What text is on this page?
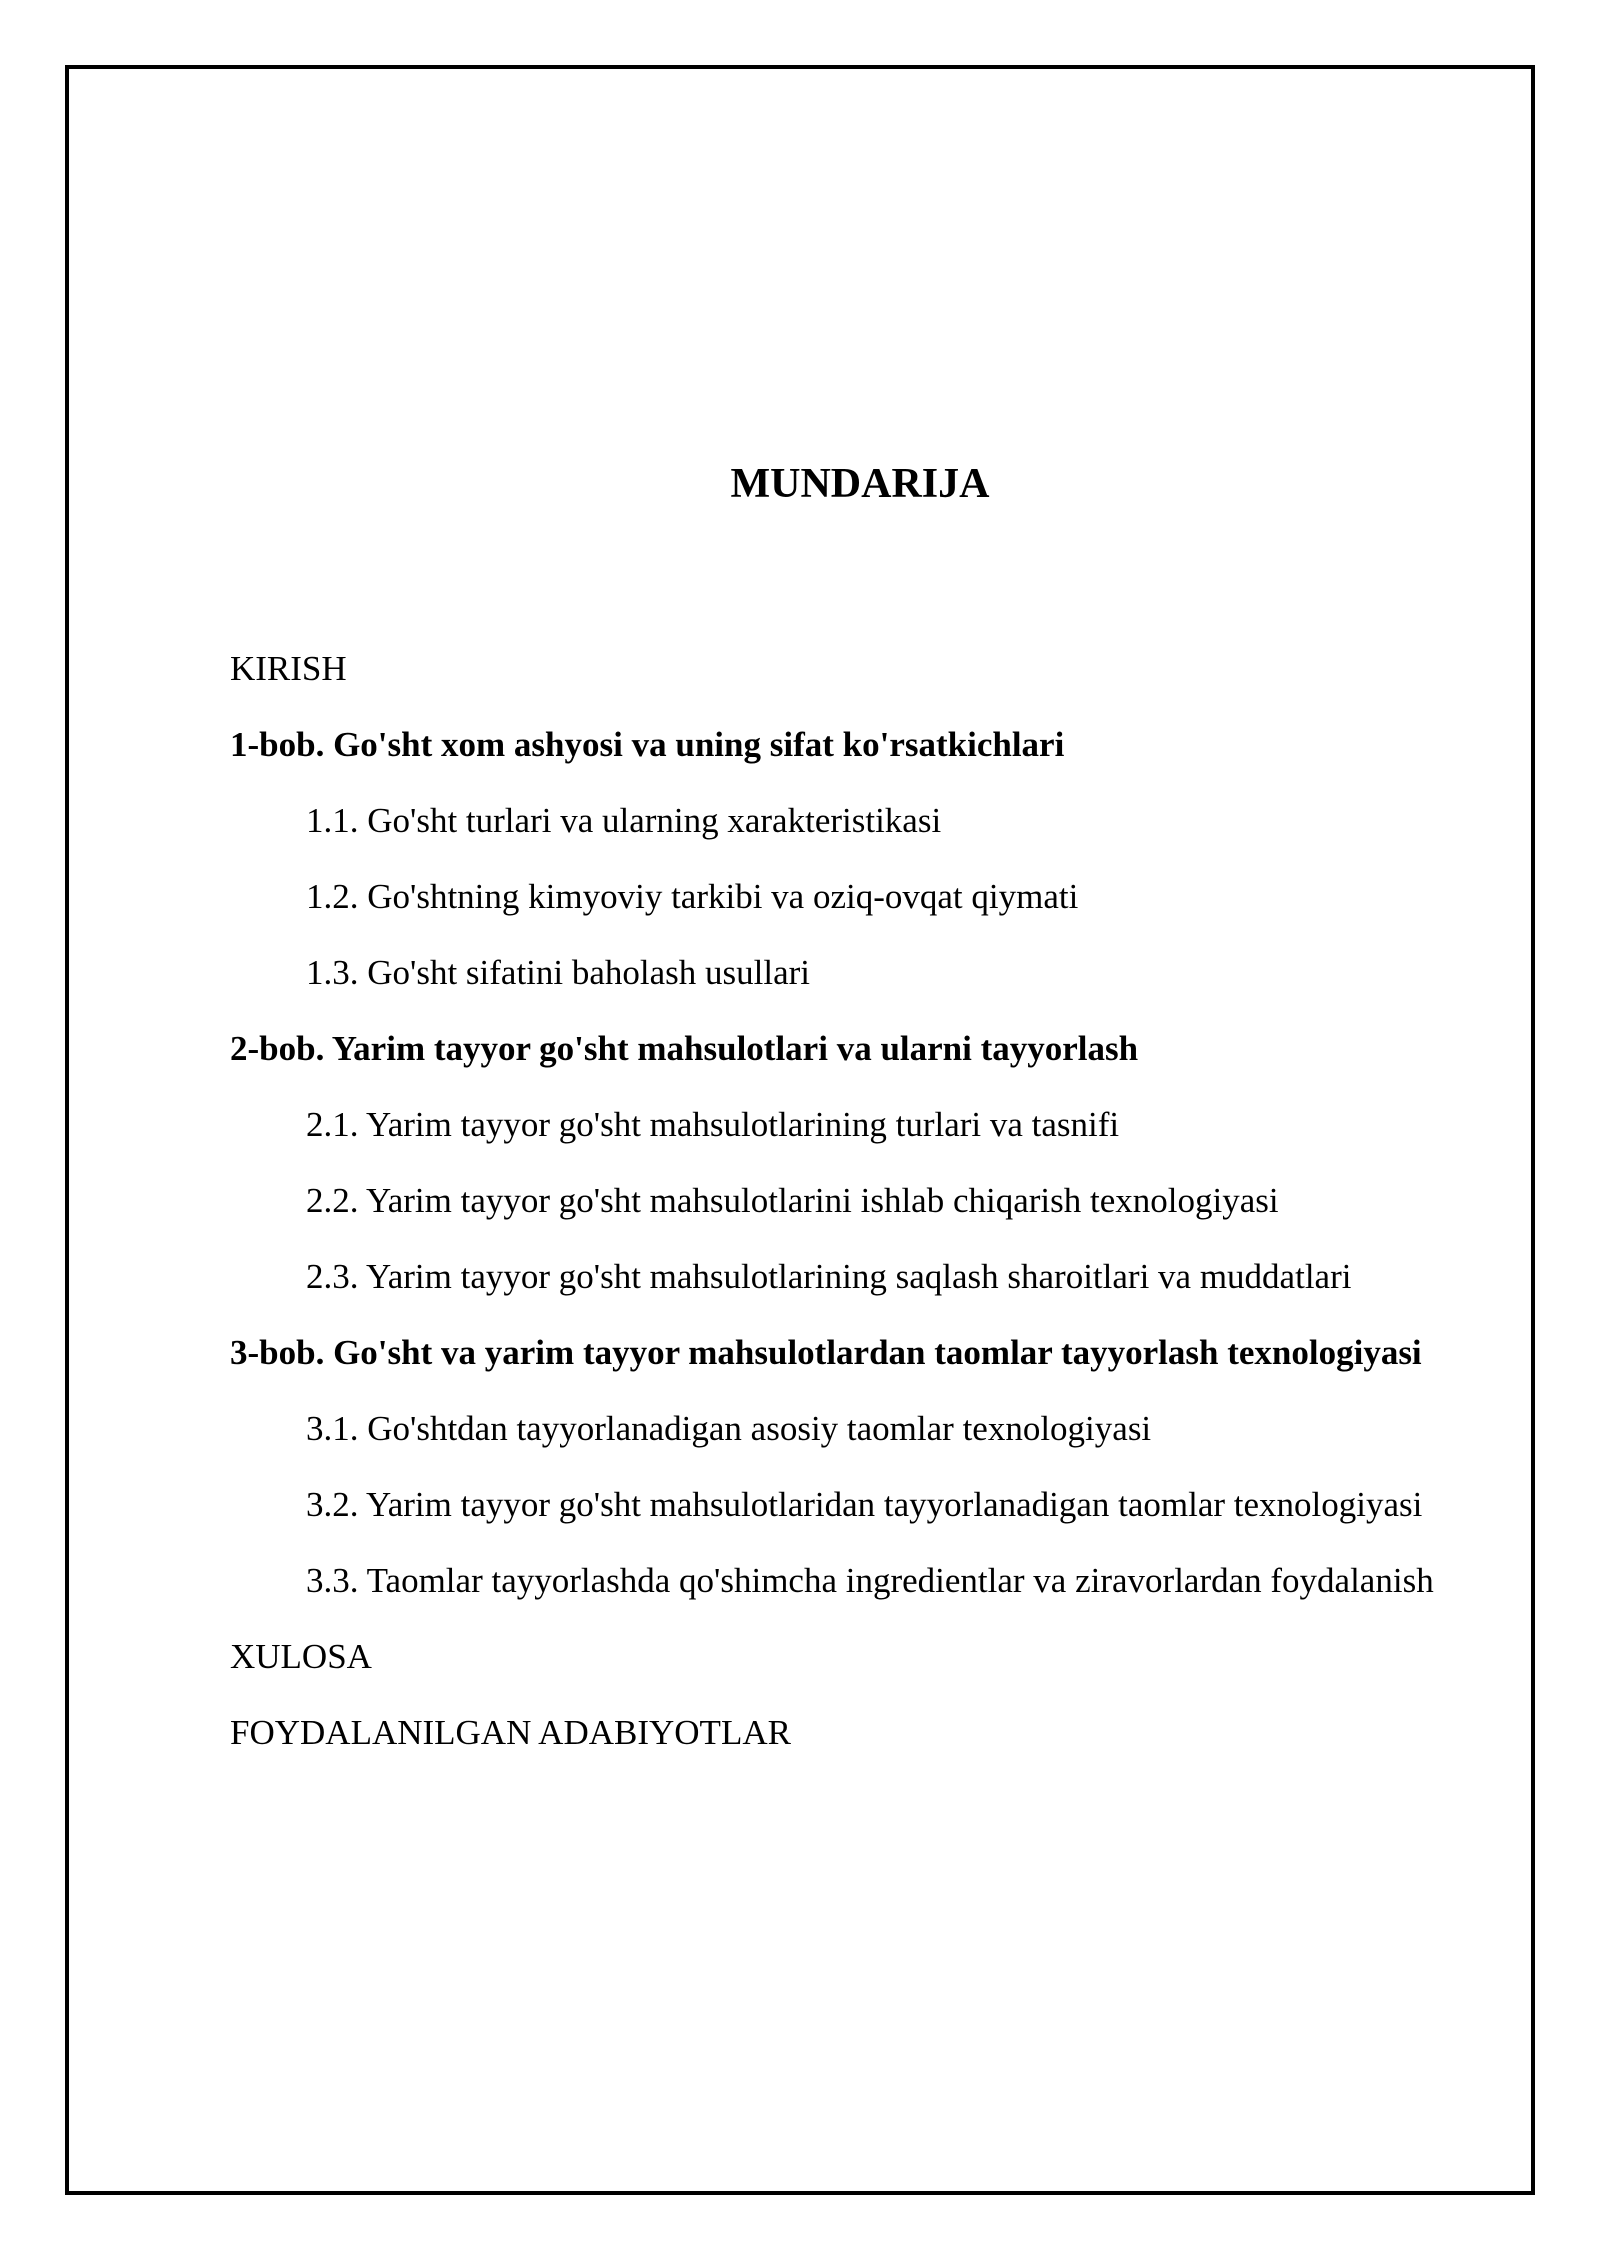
MUNDARIJA
KIRISH
1-bob. Go'sht xom ashyosi va uning sifat ko'rsatkichlari
1.1. Go'sht turlari va ularning xarakteristikasi
1.2. Go'shtning kimyoviy tarkibi va oziq-ovqat qiymati
1.3. Go'sht sifatini baholash usullari
2-bob. Yarim tayyor go'sht mahsulotlari va ularni tayyorlash
2.1. Yarim tayyor go'sht mahsulotlarining turlari va tasnifi
2.2. Yarim tayyor go'sht mahsulotlarini ishlab chiqarish texnologiyasi
2.3. Yarim tayyor go'sht mahsulotlarining saqlash sharoitlari va muddatlari
3-bob. Go'sht va yarim tayyor mahsulotlardan taomlar tayyorlash texnologiyasi
3.1. Go'shtdan tayyorlanadigan asosiy taomlar texnologiyasi
3.2. Yarim tayyor go'sht mahsulotlaridan tayyorlanadigan taomlar texnologiyasi
3.3. Taomlar tayyorlashda qo'shimcha ingredientlar va ziravorlardan foydalanish
XULOSA
FOYDALANILGAN ADABIYOTLAR
